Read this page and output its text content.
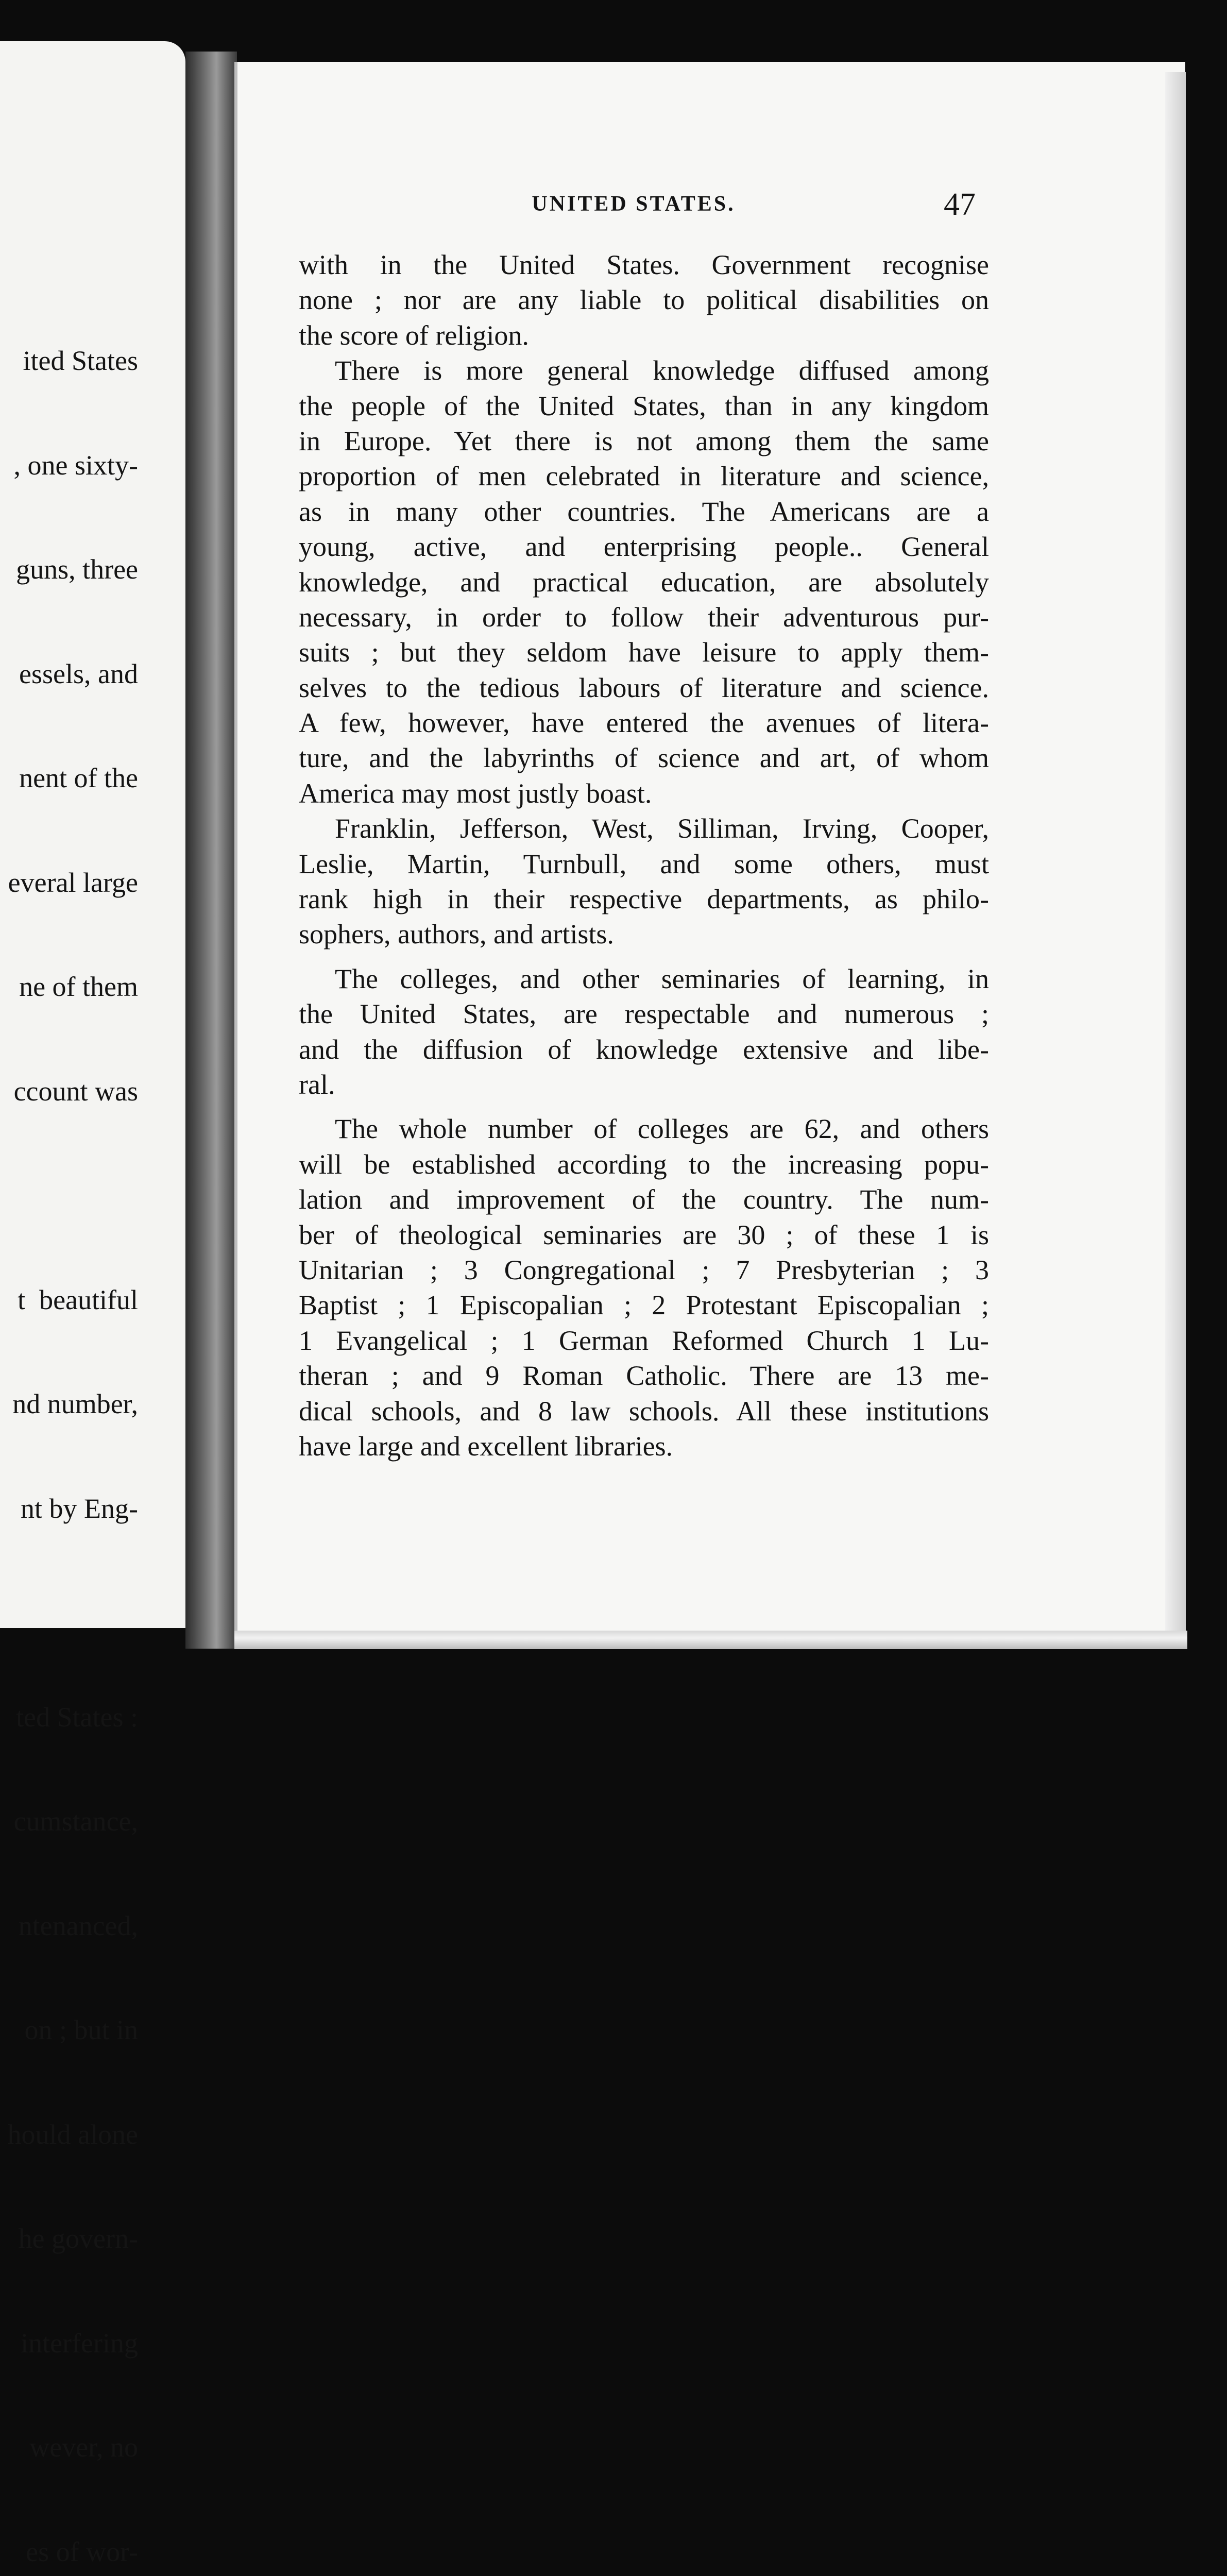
ited States

, one sixty-

guns, three

essels, and

nent of the

everal large

ne of them

ccount was

t  beautiful

nd number,

nt by Eng-

ted States :

cumstance,

ntenanced,

on ; but in

hould alone

he govern-

interfering

wever, no

es of wor-

UNITED STATES.	47
with in the United States. Government recognise
none ; nor are any liable to political disabilities on
the score of religion.
There is more general knowledge diffused among
the people of the United States, than in any kingdom
in Europe. Yet there is not among them the same
proportion of men celebrated in literature and science,
as in many other countries. The Americans are a
young, active, and enterprising people.. General
knowledge, and practical education, are absolutely
necessary, in order to follow their adventurous pur-
suits ; but they seldom have leisure to apply them-
selves to the tedious labours of literature and science.
A few, however, have entered the avenues of litera-
ture, and the labyrinths of science and art, of whom
America may most justly boast.
Franklin, Jefferson, West, Silliman, Irving, Cooper,
Leslie, Martin, Turnbull, and some others, must
rank high in their respective departments, as philo-
sophers, authors, and artists.
The colleges, and other seminaries of learning, in
the United States, are respectable and numerous ;
and the diffusion of knowledge extensive and libe-
ral.
The whole number of colleges are 62, and others
will be established according to the increasing popu-
lation and improvement of the country. The num-
ber of theological seminaries are 30 ; of these 1 is
Unitarian ; 3 Congregational ; 7 Presbyterian ; 3
Baptist ; 1 Episcopalian ; 2 Protestant Episcopalian ;
1 Evangelical ; 1 German Reformed Church 1 Lu-
theran ; and 9 Roman Catholic. There are 13 me-
dical schools, and 8 law schools. All these institutions
have large and excellent libraries.
